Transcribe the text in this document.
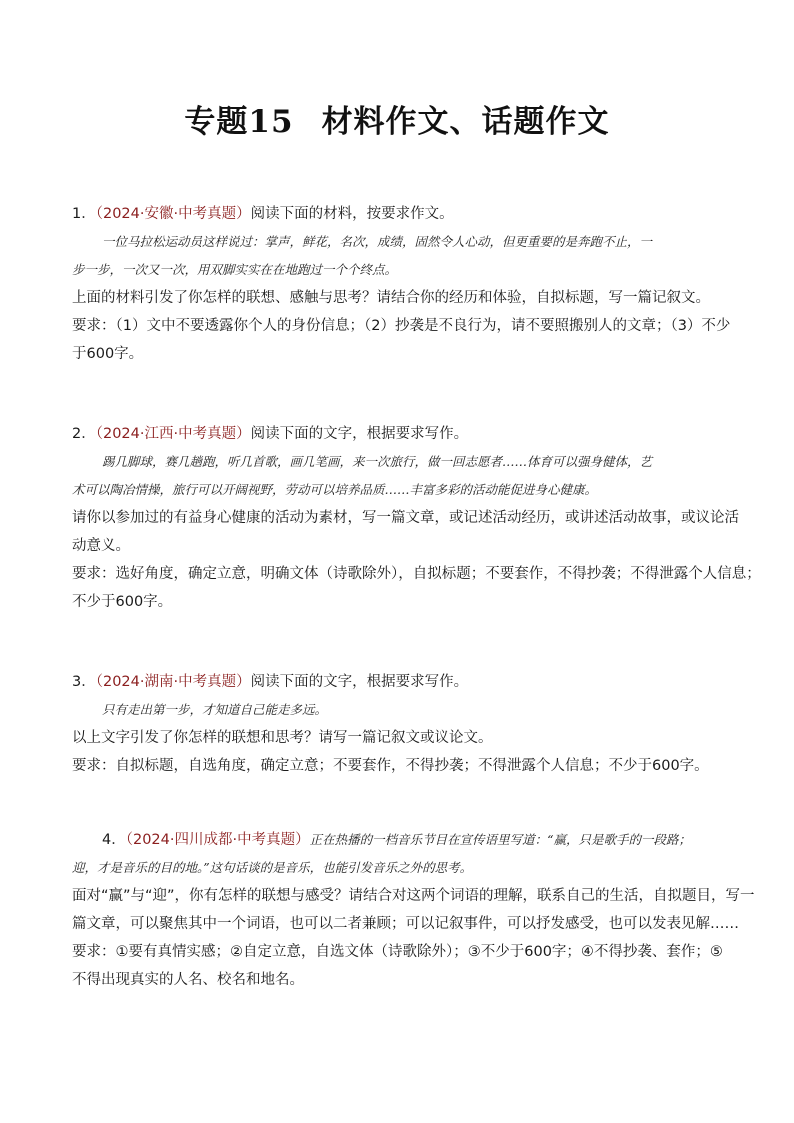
专题15 材料作文、话题作文
1．（2024·安徽·中考真题）阅读下面的材料，按要求作文。
一位马拉松运动员这样说过：掌声，鲜花，名次，成绩，固然令人心动，但更重要的是奔跑不止，一
步一步，一次又一次，用双脚实实在在地跑过一个个终点。
上面的材料引发了你怎样的联想、感触与思考？请结合你的经历和体验，自拟标题，写一篇记叙文。
要求：（1）文中不要透露你个人的身份信息；（2）抄袭是不良行为，请不要照搬别人的文章；（3）不少
于600字。
2．（2024·江西·中考真题）阅读下面的文字，根据要求写作。
踢几脚球，赛几趟跑，听几首歌，画几笔画，来一次旅行，做一回志愿者……体育可以强身健体，艺
术可以陶冶情操，旅行可以开阔视野，劳动可以培养品质……丰富多彩的活动能促进身心健康。
请你以参加过的有益身心健康的活动为素材，写一篇文章，或记述活动经历，或讲述活动故事，或议论活
动意义。
要求：选好角度，确定立意，明确文体（诗歌除外），自拟标题；不要套作，不得抄袭；不得泄露个人信息；
不少于600字。
3．（2024·湖南·中考真题）阅读下面的文字，根据要求写作。
只有走出第一步，才知道自己能走多远。
以上文字引发了你怎样的联想和思考？请写一篇记叙文或议论文。
要求：自拟标题，自选角度，确定立意；不要套作，不得抄袭；不得泄露个人信息；不少于600字。
4．（2024·四川成都·中考真题）正在热播的一档音乐节目在宣传语里写道：“赢，只是歌手的一段路；
迎，才是音乐的目的地。”这句话谈的是音乐，也能引发音乐之外的思考。
面对“赢”与“迎”，你有怎样的联想与感受？请结合对这两个词语的理解，联系自己的生活，自拟题目，写一
篇文章，可以聚焦其中一个词语，也可以二者兼顾；可以记叙事件，可以抒发感受，也可以发表见解……
要求：①要有真情实感；②自定立意，自选文体（诗歌除外）；③不少于600字；④不得抄袭、套作；⑤
不得出现真实的人名、校名和地名。
